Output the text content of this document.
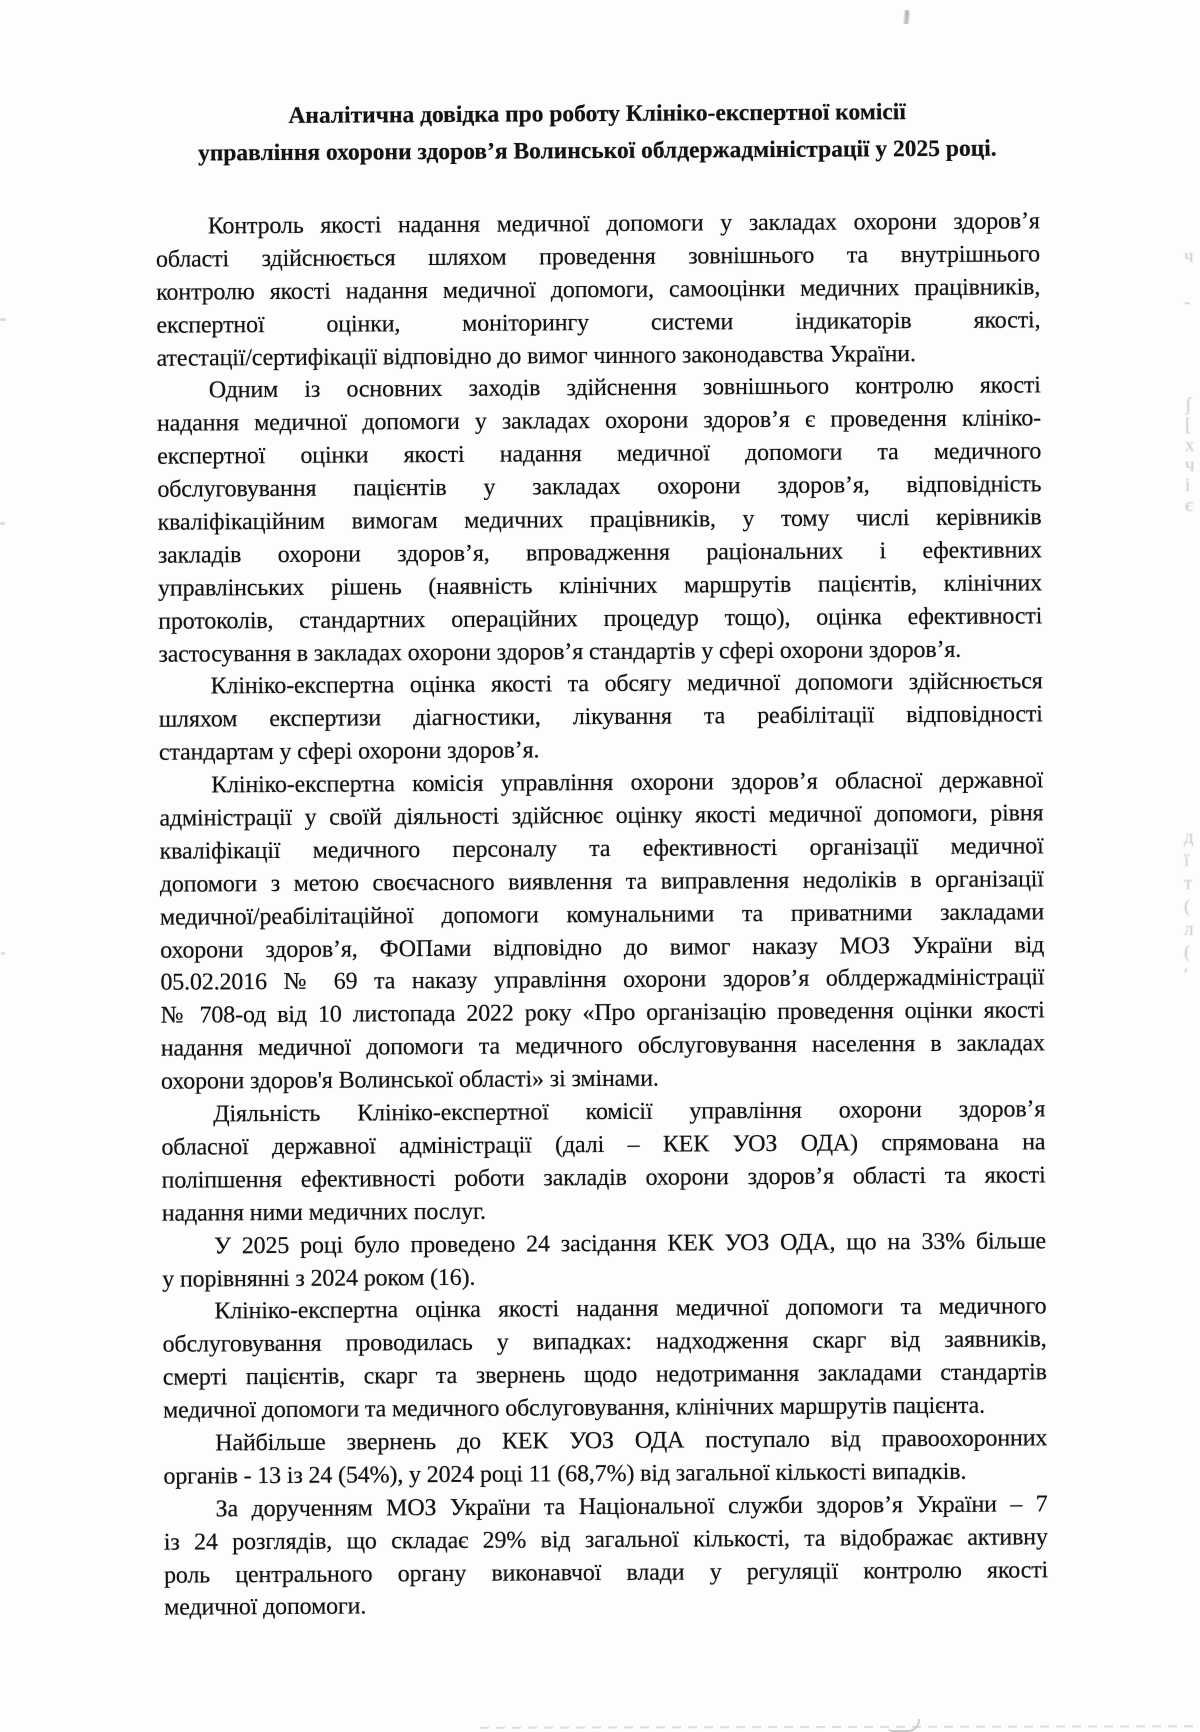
Аналітична довідка про роботу Клініко-експертної комісії
управління охорони здоров’я Волинської облдержадміністрації у 2025 році.
Контроль якості надання медичної допомоги у закладах охорони здоров’я
області здійснюється шляхом проведення зовнішнього та внутрішнього
контролю якості надання медичної допомоги, самооцінки медичних працівників,
експертної оцінки, моніторингу системи індикаторів якості,
атестації/сертифікації відповідно до вимог чинного законодавства України.
Одним із основних заходів здійснення зовнішнього контролю якості
надання медичної допомоги у закладах охорони здоров’я є проведення клініко-
експертної оцінки якості надання медичної допомоги та медичного
обслуговування пацієнтів у закладах охорони здоров’я, відповідність
кваліфікаційним вимогам медичних працівників, у тому числі керівників
закладів охорони здоров’я, впровадження раціональних і ефективних
управлінських рішень (наявність клінічних маршрутів пацієнтів, клінічних
протоколів, стандартних операційних процедур тощо), оцінка ефективності
застосування в закладах охорони здоров’я стандартів у сфері охорони здоров’я.
Клініко-експертна оцінка якості та обсягу медичної допомоги здійснюється
шляхом експертизи діагностики, лікування та реабілітації відповідності
стандартам у сфері охорони здоров’я.
Клініко-експертна комісія управління охорони здоров’я обласної державної
адміністрації у своїй діяльності здійснює оцінку якості медичної допомоги, рівня
кваліфікації медичного персоналу та ефективності організації медичної
допомоги з метою своєчасного виявлення та виправлення недоліків в організації
медичної/реабілітаційної допомоги комунальними та приватними закладами
охорони здоров’я, ФОПами відповідно до вимог наказу МОЗ України від
05.02.2016 № 69 та наказу управління охорони здоров’я облдержадміністрації
№ 708-од від 10 листопада 2022 року «Про організацію проведення оцінки якості
надання медичної допомоги та медичного обслуговування населення в закладах
охорони здоров'я Волинської області» зі змінами.
Діяльність Клініко-експертної комісії управління охорони здоров’я
обласної державної адміністрації (далі – КЕК УОЗ ОДА) спрямована на
поліпшення ефективності роботи закладів охорони здоров’я області та якості
надання ними медичних послуг.
У 2025 році було проведено 24 засідання КЕК УОЗ ОДА, що на 33% більше
у порівнянні з 2024 роком (16).
Клініко-експертна оцінка якості надання медичної допомоги та медичного
обслуговування проводилась у випадках: надходження скарг від заявників,
смерті пацієнтів, скарг та звернень щодо недотримання закладами стандартів
медичної допомоги та медичного обслуговування, клінічних маршрутів пацієнта.
Найбільше звернень до КЕК УОЗ ОДА поступало від правоохоронних
органів - 13 із 24 (54%), у 2024 році 11 (68,7%) від загальної кількості випадків.
За дорученням МОЗ України та Національної служби здоров’я України – 7
із 24 розглядів, що складає 29% від загальної кількості, та відображає активну
роль центрального органу виконавчої влади у регуляції контролю якості
медичної допомоги.
ч
-
ʃ
[
х
ч
і
є
д
ї
т
(
л
(
'
